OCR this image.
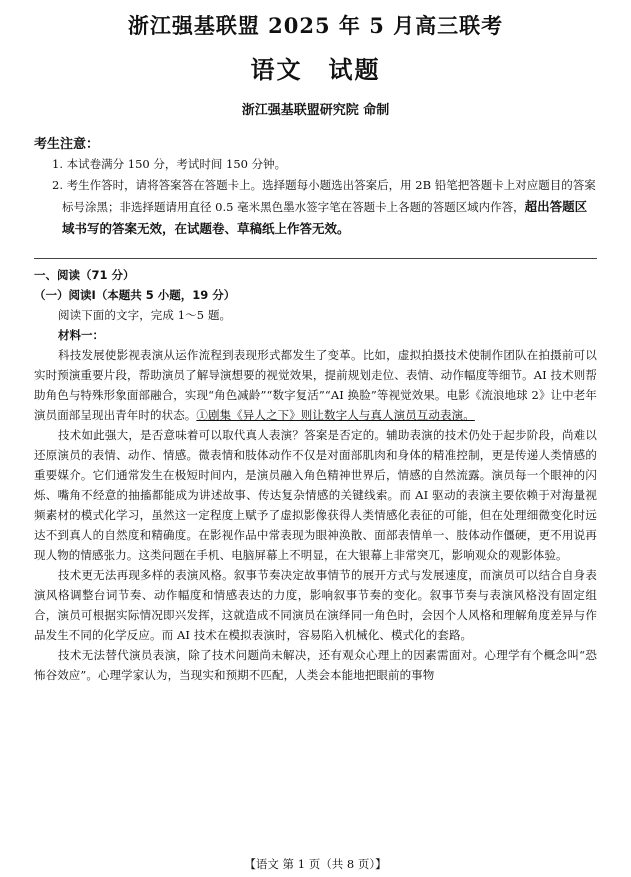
浙江强基联盟 2025 年 5 月高三联考
语文 试题
浙江强基联盟研究院 命制
考生注意：
1. 本试卷满分 150 分，考试时间 150 分钟。
2. 考生作答时，请将答案答在答题卡上。选择题每小题选出答案后，用 2B 铅笔把答题卡上对应题目的答案标号涂黑；非选择题请用直径 0.5 毫米黑色墨水签字笔在答题卡上各题的答题区域内作答，超出答题区域书写的答案无效，在试题卷、草稿纸上作答无效。
一、阅读（71 分）
（一）阅读Ⅰ（本题共 5 小题，19 分）

阅读下面的文字，完成 1～5 题。

材料一：

科技发展使影视表演从运作流程到表现形式都发生了变革。比如，虚拟拍摄技术使制作团队在拍摄前可以实时预演重要片段，帮助演员了解导演想要的视觉效果，提前规划走位、表情、动作幅度等细节。AI 技术则帮助角色与特殊形象面部融合，实现“角色减龄”“数字复活”“AI 换脸”等视觉效果。电影《流浪地球 2》让中老年演员面部呈现出青年时的状态。①剧集《异人之下》则让数字人与真人演员互动表演。

技术如此强大，是否意味着可以取代真人表演？答案是否定的。辅助表演的技术仍处于起步阶段，尚难以还原演员的表情、动作、情感。微表情和肢体动作不仅是对面部肌肉和身体的精准控制，更是传递人类情感的重要媒介。它们通常发生在极短时间内，是演员融入角色精神世界后，情感的自然流露。演员每一个眼神的闪烁、嘴角不经意的抽搐都能成为讲述故事、传达复杂情感的关键线索。而 AI 驱动的表演主要依赖于对海量视频素材的模式化学习，虽然这一定程度上赋予了虚拟影像获得人类情感化表征的可能，但在处理细微变化时远达不到真人的自然度和精确度。在影视作品中常表现为眼神涣散、面部表情单一、肢体动作僵硬，更不用说再现人物的情感张力。这类问题在手机、电脑屏幕上不明显，在大银幕上非常突兀，影响观众的观影体验。

技术更无法再现多样的表演风格。叙事节奏决定故事情节的展开方式与发展速度，而演员可以结合自身表演风格调整台词节奏、动作幅度和情感表达的力度，影响叙事节奏的变化。叙事节奏与表演风格没有固定组合，演员可根据实际情况即兴发挥，这就造成不同演员在演绎同一角色时，会因个人风格和理解角度差异与作品发生不同的化学反应。而 AI 技术在模拟表演时，容易陷入机械化、模式化的套路。

技术无法替代演员表演，除了技术问题尚未解决，还有观众心理上的因素需面对。心理学有个概念叫“恐怖谷效应”。心理学家认为，当现实和预期不匹配，人类会本能地把眼前的事物

【语文 第 1 页（共 8 页）】
